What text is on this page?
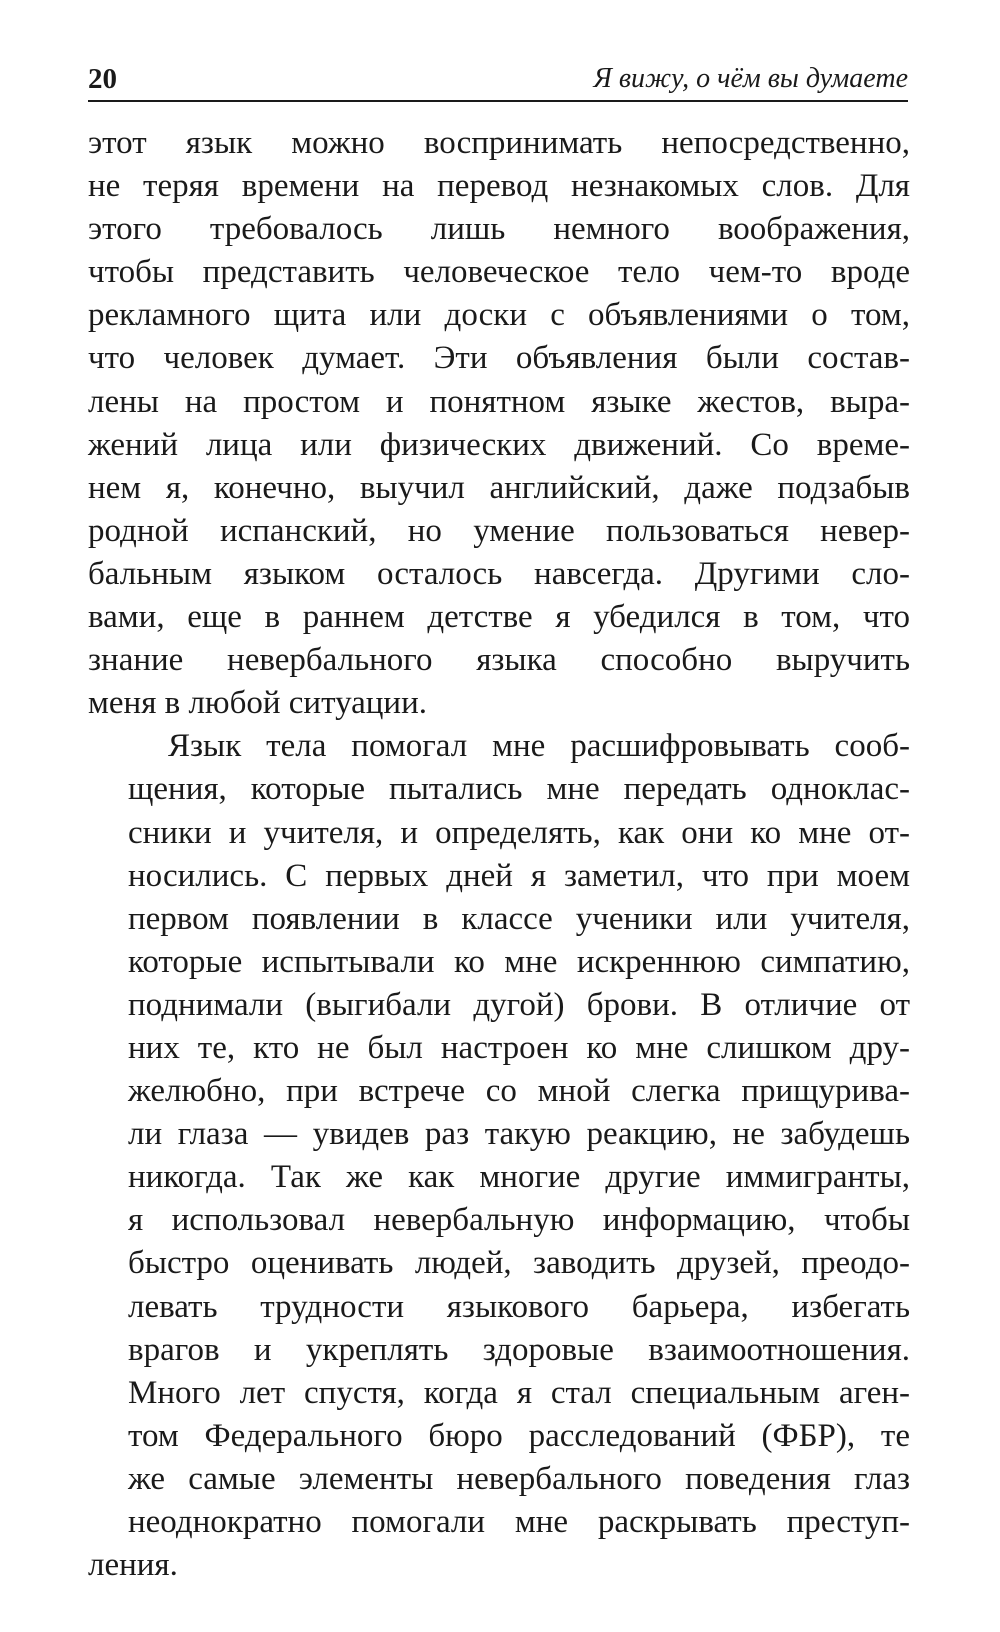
20	Я вижу, о чём вы думаете

этот язык можно воспринимать непосредственно,
не теряя времени на перевод незнакомых слов. Для
этого требовалось лишь немного воображения,
чтобы представить человеческое тело чем-то вроде
рекламного щита или доски с объявлениями о том,
что человек думает. Эти объявления были состав-
лены на простом и понятном языке жестов, выра-
жений лица или физических движений. Со време-
нем я, конечно, выучил английский, даже подзабыв
родной испанский, но умение пользоваться невер-
бальным языком осталось навсегда. Другими сло-
вами, еще в раннем детстве я убедился в том, что
знание невербального языка способно выручить
меня в любой ситуации.

Язык тела помогал мне расшифровывать сооб-
щения, которые пытались мне передать одноклас-
сники и учителя, и определять, как они ко мне от-
носились. С первых дней я заметил, что при моем
первом появлении в классе ученики или учителя,
которые испытывали ко мне искреннюю симпатию,
поднимали (выгибали дугой) брови. В отличие от
них те, кто не был настроен ко мне слишком дру-
желюбно, при встрече со мной слегка прищурива-
ли глаза — увидев раз такую реакцию, не забудешь
никогда. Так же как многие другие иммигранты,
я использовал невербальную информацию, чтобы
быстро оценивать людей, заводить друзей, преодо-
левать трудности языкового барьера, избегать
врагов и укреплять здоровые взаимоотношения.
Много лет спустя, когда я стал специальным аген-
том Федерального бюро расследований (ФБР), те
же самые элементы невербального поведения глаз
неоднократно помогали мне раскрывать преступ-
ления.
